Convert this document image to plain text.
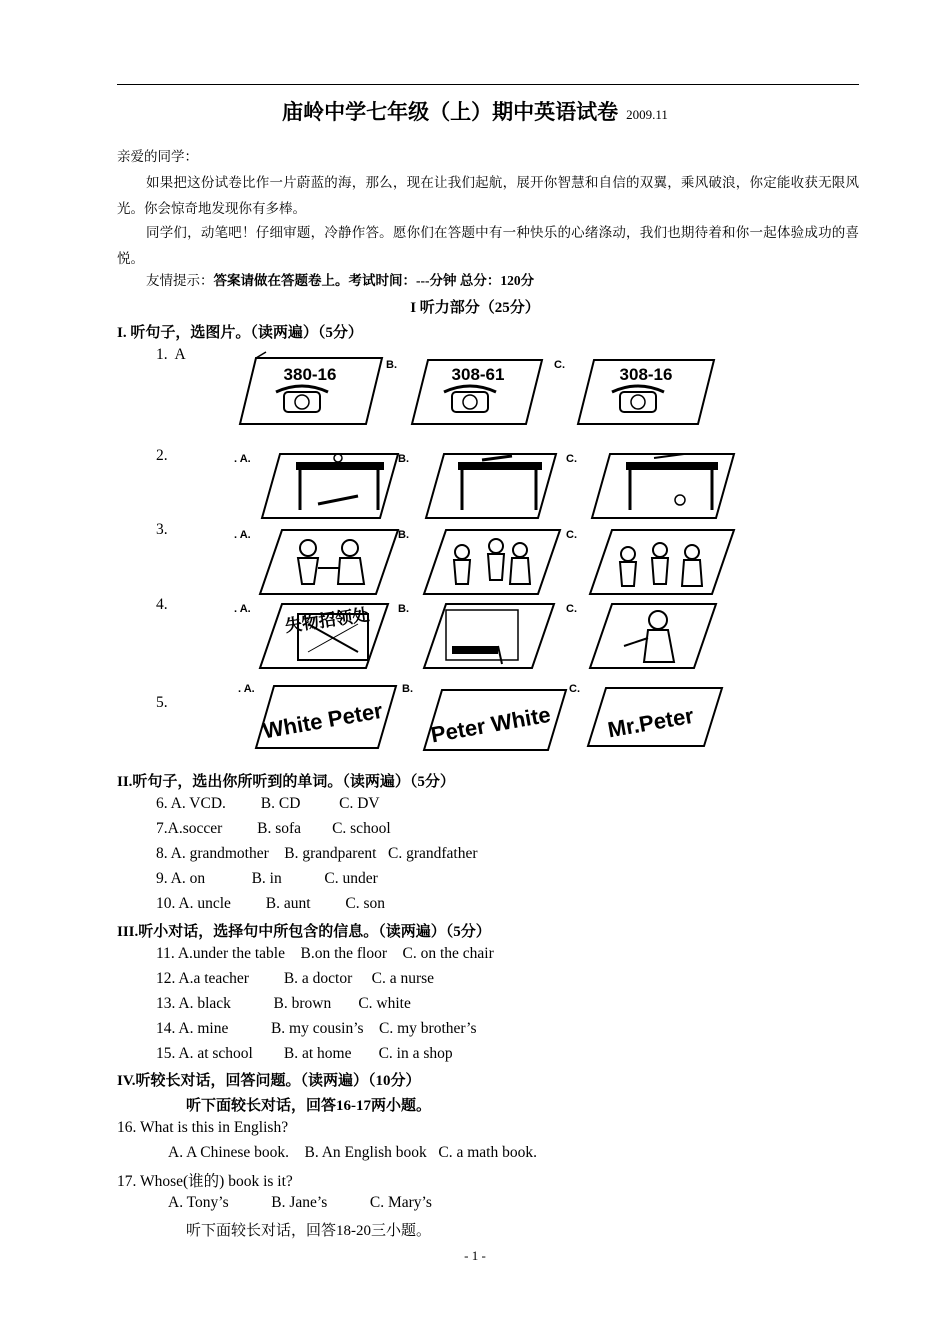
庙岭中学七年级（上）期中英语试卷 2009.11
亲爱的同学：
如果把这份试卷比作一片蔚蓝的海，那么，现在让我们起航，展开你智慧和自信的双翼，乘风破浪，你定能收获无限风光。你会惊奇地发现你有多棒。
同学们，动笔吧！仔细审题，冷静作答。愿你们在答题中有一种快乐的心绪涤动，我们也期待着和你一起体验成功的喜悦。
友情提示：答案请做在答题卷上。考试时间：---分钟 总分：120分
I 听力部分（25分）
I. 听句子，选图片。（读两遍）（5分）
1.  A
380-16	B.	308-61	C.	308-16
2.	. A.	B.	C.
3.	. A.	B.	C.
4.	. A. 失物招领处 B.	C.
5.
. A.
White Peter
B.
Peter White
C.
Mr.Peter
II.听句子，选出你所听到的单词。（读两遍）（5分）
6. A. VCD.         B. CD          C. DV
7.A.soccer         B. sofa        C. school
8. A. grandmother    B. grandparent   C. grandfather
9. A. on            B. in           C. under
10. A. uncle         B. aunt         C. son
III.听小对话，选择句中所包含的信息。（读两遍）（5分）
11. A.under the table    B.on the floor    C. on the chair
12. A.a teacher         B. a doctor     C. a nurse
13. A. black           B. brown       C. white
14. A. mine           B. my cousin’s    C. my brother’s
15. A. at school        B. at home       C. in a shop
IV.听较长对话，回答问题。（读两遍）（10分）
听下面较长对话，回答16-17两小题。
16. What is this in English?
A. A Chinese book.    B. An English book   C. a math book.
17. Whose(谁的) book is it?
A. Tony’s           B. Jane’s           C. Mary’s
听下面较长对话，回答18-20三小题。
- 1 -
